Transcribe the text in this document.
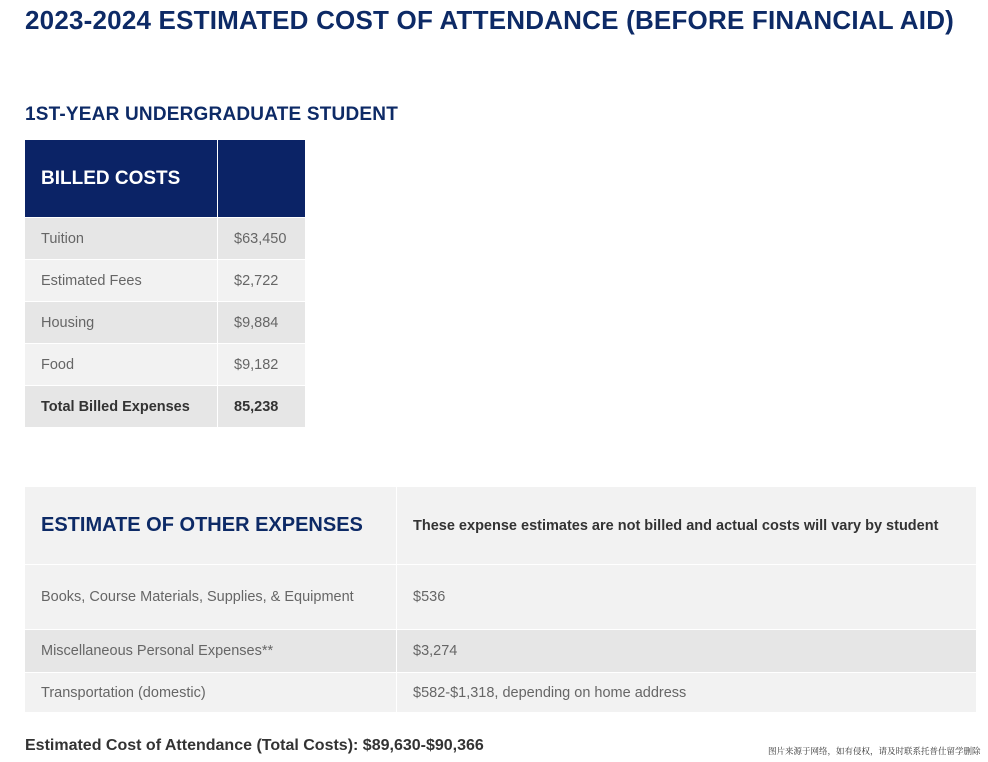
2023-2024 ESTIMATED COST OF ATTENDANCE (BEFORE FINANCIAL AID)
1ST-YEAR UNDERGRADUATE STUDENT
BILLED COSTS	
Tuition	$63,450
Estimated Fees	$2,722
Housing	$9,884
Food	$9,182
Total Billed Expenses	85,238
ESTIMATE OF OTHER EXPENSES	These expense estimates are not billed and actual costs will vary by student
Books, Course Materials, Supplies, & Equipment	$536
Miscellaneous Personal Expenses**	$3,274
Transportation (domestic)	$582-$1,318, depending on home address
Estimated Cost of Attendance (Total Costs): $89,630-$90,366	图片来源于网络，如有侵权，请及时联系托普仕留学删除
